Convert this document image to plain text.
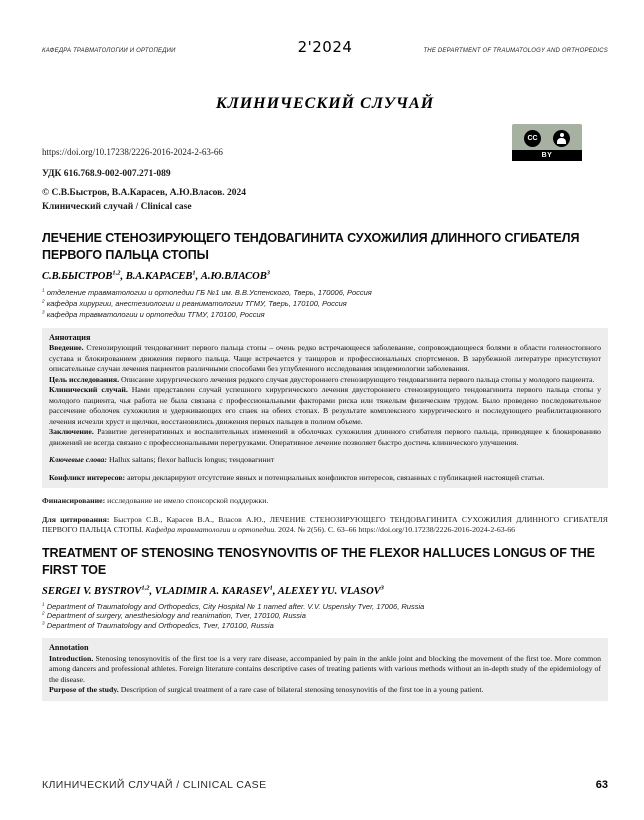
КАФЕДРА ТРАВМАТОЛОГИИ И ОРТОПЕДИИ	2'2024	THE DEPARTMENT OF TRAUMATOLOGY AND ORTHOPEDICS
CC
BY
КЛИНИЧЕСКИЙ СЛУЧАЙ
https://doi.org/10.17238/2226-2016-2024-2-63-66
УДК 616.768.9-002-007.271-089
© С.В.Быстров, В.А.Карасев, А.Ю.Власов. 2024
Клинический случай / Clinical case
ЛЕЧЕНИЕ СТЕНОЗИРУЮЩЕГО ТЕНДОВАГИНИТА СУХОЖИЛИЯ ДЛИННОГО СГИБАТЕЛЯ ПЕРВОГО ПАЛЬЦА СТОПЫ
С.В.БЫСТРОВ$^{1,2}$ , В.А.КАРАСЕВ$^1$ , А.Ю.ВЛАСОВ$^3$
$^1$ отделение травматологии и ортопедии ГБ №1 им. В.В.Успенского, Тверь, 170006, Россия
$^2$ кафедра хирургии, анестезиологии и реаниматологии ТГМУ, Тверь, 170100, Россия
$^3$ кафедра травматологии и ортопедии ТГМУ, 170100, Россия
Аннотация
Введение. Стенозирующий тендовагинит первого пальца стопы – очень редко встречающееся заболевание, сопровождающееся болями в области голеностопного сустава и блокированием движения первого пальца. Чаще встречается у танцоров и профессиональных спортсменов. В зарубежной литературе присутствуют описательные случаи лечения пациентов различными способами без углубленного исследования эпидемиологии заболевания.
Цель исследования. Описание хирургического лечения редкого случая двустороннего стенозирующего тендовагинита первого пальца стопы у молодого пациента.
Клинический случай. Нами представлен случай успешного хирургического лечения двустороннего стенозирующего тендовагинита первого пальца стопы у молодого пациента, чья работа не была связана с профессиональными факторами риска или тяжелым физическим трудом. Было проведено последовательное рассечение оболочек сухожилия и удерживающих его спаек на обеих стопах. В результате комплексного хирургического и последующего реабилитационного лечения исчезли хруст и щелчки, восстановились движения первых пальцев в полном объеме.
Заключение. Развитие дегенеративных и воспалительных изменений в оболочках сухожилия длинного сгибателя первого пальца, приводящее к блокированию движений не всегда связано с профессиональными перегрузками. Оперативное лечение позволяет быстро достичь клинического улучшения.
Ключевые слова: Hallux saltans; flexor hallucis longus; тендовагинит
Конфликт интересов: авторы декларируют отсутствие явных и потенциальных конфликтов интересов, связанных с публикацией настоящей статьи.
Финансирование: исследование не имело спонсорской поддержки.
Для цитирования: Быстров С.В., Карасев В.А., Власов А.Ю., ЛЕЧЕНИЕ СТЕНОЗИРУЮЩЕГО ТЕНДОВАГИНИТА СУХОЖИЛИЯ ДЛИННОГО СГИБАТЕЛЯ ПЕРВОГО ПАЛЬЦА СТОПЫ. Кафедра травматологии и ортопедии. 2024. № 2(56). С. 63–66 https://doi.org/10.17238/2226-2016-2024-2-63-66
TREATMENT OF STENOSING TENOSYNOVITIS OF THE FLEXOR HALLUCES LONGUS OF THE FIRST TOE
SERGEI V. BYSTROV$^{1,2}$ , VLADIMIR A. KARASEV$^1$ , ALEXEY YU. VLASOV$^3$
$^1$ Department of Traumatology and Orthopedics, City Hospital № 1 named after. V.V. Uspensky Tver, 17006, Russia
$^2$ Department of surgery, anesthesiology and reanimation, Tver, 170100, Russia
$^3$ Department of Traumatology and Orthopedics, Tver, 170100, Russia
Annotation
Introduction. Stenosing tenosynovitis of the first toe is a very rare disease, accompanied by pain in the ankle joint and blocking the movement of the first toe. More common among dancers and professional athletes. Foreign literature contains descriptive cases of treating patients with various methods without an in-depth study of the epidemiology of the disease.
Purpose of the study. Description of surgical treatment of a rare case of bilateral stenosing tenosynovitis of the first toe in a young patient.
КЛИНИЧЕСКИЙ СЛУЧАЙ / CLINICAL CASE	63
